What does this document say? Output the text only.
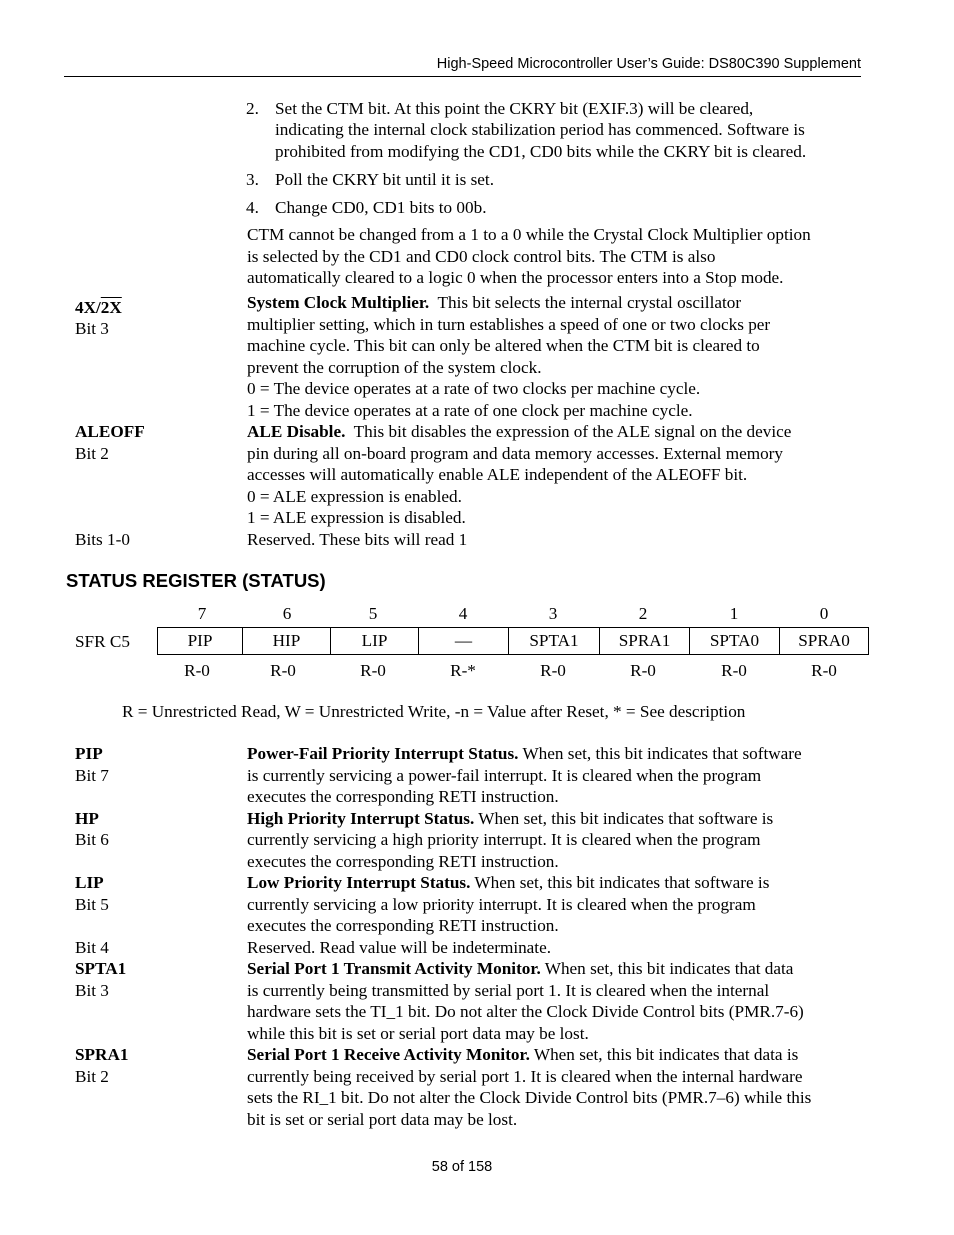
High-Speed Microcontroller User’s Guide: DS80C390 Supplement
2. Set the CTM bit. At this point the CKRY bit (EXIF.3) will be cleared,
indicating the internal clock stabilization period has commenced. Software is
prohibited from modifying the CD1, CD0 bits while the CKRY bit is cleared.
3. Poll the CKRY bit until it is set.
4. Change CD0, CD1 bits to 00b.
CTM cannot be changed from a 1 to a 0 while the Crystal Clock Multiplier option
is selected by the CD1 and CD0 clock control bits. The CTM is also
automatically cleared to a logic 0 when the processor enters into a Stop mode.
4X/2X
Bit 3
System Clock Multiplier.  This bit selects the internal crystal oscillator
multiplier setting, which in turn establishes a speed of one or two clocks per
machine cycle. This bit can only be altered when the CTM bit is cleared to
prevent the corruption of the system clock.
0 = The device operates at a rate of two clocks per machine cycle.
1 = The device operates at a rate of one clock per machine cycle.
ALEOFF
Bit 2
ALE Disable.  This bit disables the expression of the ALE signal on the device
pin during all on-board program and data memory accesses. External memory
accesses will automatically enable ALE independent of the ALEOFF bit.
0 = ALE expression is enabled.
1 = ALE expression is disabled.
Bits 1-0	Reserved. These bits will read 1
STATUS REGISTER (STATUS)
7	6	5	4	3	2	1	0
SFR C5	PIP	HIP	LIP	—	SPTA1	SPRA1	SPTA0	SPRA0
R-0	R-0	R-0	R-*	R-0	R-0	R-0	R-0
R = Unrestricted Read, W = Unrestricted Write, -n = Value after Reset, * = See description
PIP
Bit 7
Power-Fail Priority Interrupt Status. When set, this bit indicates that software
is currently servicing a power-fail interrupt. It is cleared when the program
executes the corresponding RETI instruction.
HP
Bit 6
High Priority Interrupt Status. When set, this bit indicates that software is
currently servicing a high priority interrupt. It is cleared when the program
executes the corresponding RETI instruction.
LIP
Bit 5
Low Priority Interrupt Status. When set, this bit indicates that software is
currently servicing a low priority interrupt. It is cleared when the program
executes the corresponding RETI instruction.
Bit 4	Reserved. Read value will be indeterminate.
SPTA1
Bit 3
Serial Port 1 Transmit Activity Monitor. When set, this bit indicates that data
is currently being transmitted by serial port 1. It is cleared when the internal
hardware sets the TI_1 bit. Do not alter the Clock Divide Control bits (PMR.7-6)
while this bit is set or serial port data may be lost.
SPRA1
Bit 2
Serial Port 1 Receive Activity Monitor. When set, this bit indicates that data is
currently being received by serial port 1. It is cleared when the internal hardware
sets the RI_1 bit. Do not alter the Clock Divide Control bits (PMR.7–6) while this
bit is set or serial port data may be lost.
58 of 158
